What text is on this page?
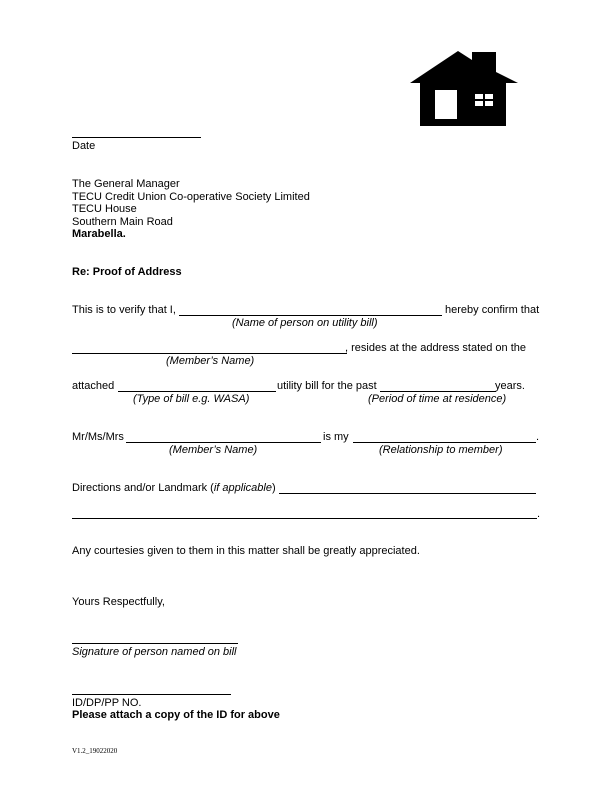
Date
The General Manager
TECU Credit Union Co-operative Society Limited
TECU House
Southern Main Road
Marabella.
Re: Proof of Address
This is to verify that I,	hereby confirm that
(Name of person on utility bill)
, resides at the address stated on the
(Member’s Name)
attached	utility bill for the past	years.
(Type of bill e.g. WASA)	(Period of time at residence)
Mr/Ms/Mrs	is my	.
(Member’s Name)	(Relationship to member)
Directions and/or Landmark (if applicable)
.
Any courtesies given to them in this matter shall be greatly appreciated.
Yours Respectfully,
Signature of person named on bill
ID/DP/PP NO.
Please attach a copy of the ID for above
V1.2_19022020
